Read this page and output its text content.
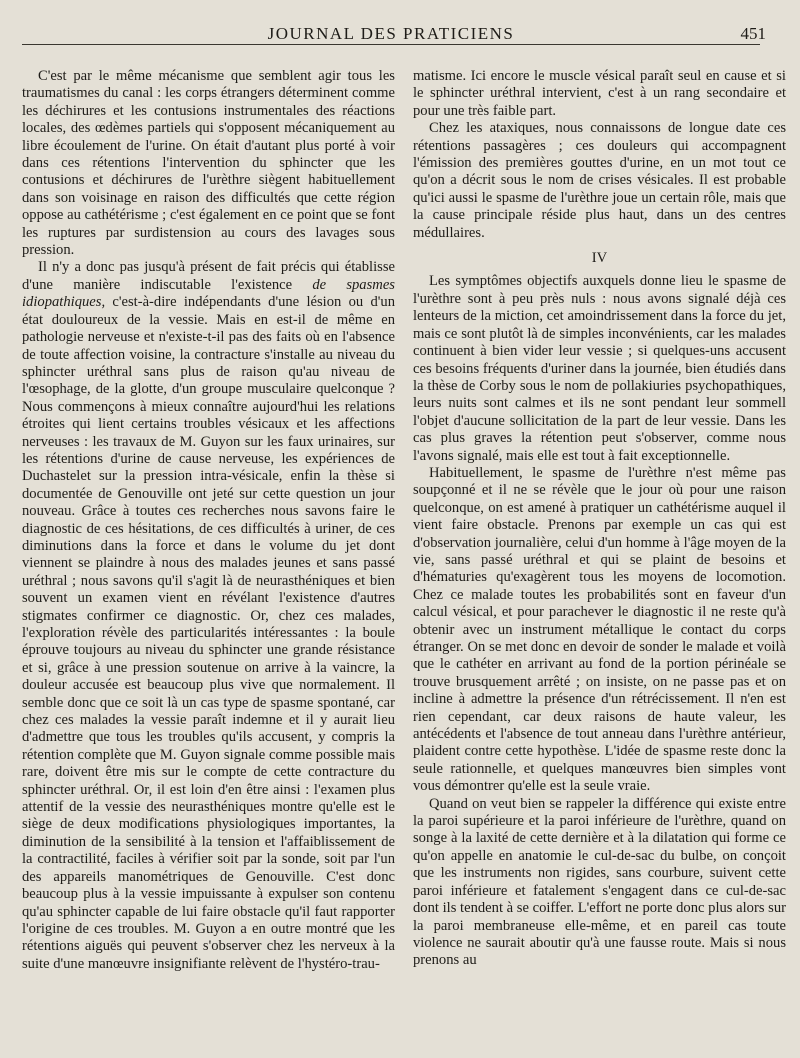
JOURNAL DES PRATICIENS	451

C'est par le même mécanisme que semblent agir tous les traumatismes du canal : les corps étrangers déterminent comme les déchirures et les contusions instrumentales des réactions locales, des œdèmes partiels qui s'opposent mécaniquement au libre écoulement de l'urine. On était d'autant plus porté à voir dans ces rétentions l'intervention du sphincter que les contusions et déchirures de l'urèthre siègent habituellement dans son voisinage en raison des difficultés que cette région oppose au cathétérisme ; c'est également en ce point que se font les ruptures par surdistension au cours des lavages sous pression.

Il n'y a donc pas jusqu'à présent de fait précis qui établisse d'une manière indiscutable l'existence de spasmes idiopathiques, c'est-à-dire indépendants d'une lésion ou d'un état douloureux de la vessie. Mais en est-il de même en pathologie nerveuse et n'existe-t-il pas des faits où en l'absence de toute affection voisine, la contracture s'installe au niveau du sphincter uréthral sans plus de raison qu'au niveau de l'œsophage, de la glotte, d'un groupe musculaire quelconque ? Nous commençons à mieux connaître aujourd'hui les relations étroites qui lient certains troubles vésicaux et les affections nerveuses : les travaux de M. Guyon sur les faux urinaires, sur les rétentions d'urine de cause nerveuse, les expériences de Duchastelet sur la pression intra-vésicale, enfin la thèse si documentée de Genouville ont jeté sur cette question un jour nouveau. Grâce à toutes ces recherches nous savons faire le diagnostic de ces hésitations, de ces difficultés à uriner, de ces diminutions dans la force et dans le volume du jet dont viennent se plaindre à nous des malades jeunes et sans passé uréthral ; nous savons qu'il s'agit là de neurasthéniques et bien souvent un examen vient en révélant l'existence d'autres stigmates confirmer ce diagnostic. Or, chez ces malades, l'exploration révèle des particularités intéressantes : la boule éprouve toujours au niveau du sphincter une grande résistance et si, grâce à une pression soutenue on arrive à la vaincre, la douleur accusée est beaucoup plus vive que normalement. Il semble donc que ce soit là un cas type de spasme spontané, car chez ces malades la vessie paraît indemne et il y aurait lieu d'admettre que tous les troubles qu'ils accusent, y compris la rétention complète que M. Guyon signale comme possible mais rare, doivent être mis sur le compte de cette contracture du sphincter uréthral. Or, il est loin d'en être ainsi : l'examen plus attentif de la vessie des neurasthéniques montre qu'elle est le siège de deux modifications physiologiques importantes, la diminution de la sensibilité à la tension et l'affaiblissement de la contractilité, faciles à vérifier soit par la sonde, soit par l'un des appareils manométriques de Genouville. C'est donc beaucoup plus à la vessie impuissante à expulser son contenu qu'au sphincter capable de lui faire obstacle qu'il faut rapporter l'origine de ces troubles. M. Guyon a en outre montré que les rétentions aiguës qui peuvent s'observer chez les nerveux à la suite d'une manœuvre insignifiante relèvent de l'hystéro-trau-

matisme. Ici encore le muscle vésical paraît seul en cause et si le sphincter uréthral intervient, c'est à un rang secondaire et pour une très faible part.

Chez les ataxiques, nous connaissons de longue date ces rétentions passagères ; ces douleurs qui accompagnent l'émission des premières gouttes d'urine, en un mot tout ce qu'on a décrit sous le nom de crises vésicales. Il est probable qu'ici aussi le spasme de l'urèthre joue un certain rôle, mais que la cause principale réside plus haut, dans un des centres médullaires.

IV

Les symptômes objectifs auxquels donne lieu le spasme de l'urèthre sont à peu près nuls : nous avons signalé déjà ces lenteurs de la miction, cet amoindrissement dans la force du jet, mais ce sont plutôt là de simples inconvénients, car les malades continuent à bien vider leur vessie ; si quelques-uns accusent ces besoins fréquents d'uriner dans la journée, bien étudiés dans la thèse de Corby sous le nom de pollakiuries psychopathiques, leurs nuits sont calmes et ils ne sont pendant leur sommell l'objet d'aucune sollicitation de la part de leur vessie. Dans les cas plus graves la rétention peut s'observer, comme nous l'avons signalé, mais elle est tout à fait exceptionnelle.

Habituellement, le spasme de l'urèthre n'est même pas soupçonné et il ne se révèle que le jour où pour une raison quelconque, on est amené à pratiquer un cathétérisme auquel il vient faire obstacle. Prenons par exemple un cas qui est d'observation journalière, celui d'un homme à l'âge moyen de la vie, sans passé uréthral et qui se plaint de besoins et d'hématuries qu'exagèrent tous les moyens de locomotion. Chez ce malade toutes les probabilités sont en faveur d'un calcul vésical, et pour parachever le diagnostic il ne reste qu'à obtenir avec un instrument métallique le contact du corps étranger. On se met donc en devoir de sonder le malade et voilà que le cathéter en arrivant au fond de la portion périnéale se trouve brusquement arrêté ; on insiste, on ne passe pas et on incline à admettre la présence d'un rétrécissement. Il n'en est rien cependant, car deux raisons de haute valeur, les antécédents et l'absence de tout anneau dans l'urèthre antérieur, plaident contre cette hypothèse. L'idée de spasme reste donc la seule rationnelle, et quelques manœuvres bien simples vont vous démontrer qu'elle est la seule vraie.

Quand on veut bien se rappeler la différence qui existe entre la paroi supérieure et la paroi inférieure de l'urèthre, quand on songe à la laxité de cette dernière et à la dilatation qui forme ce qu'on appelle en anatomie le cul-de-sac du bulbe, on conçoit que les instruments non rigides, sans courbure, suivent cette paroi inférieure et fatalement s'engagent dans ce cul-de-sac dont ils tendent à se coiffer. L'effort ne porte donc plus alors sur la paroi membraneuse elle-même, et en pareil cas toute violence ne saurait aboutir qu'à une fausse route. Mais si nous prenons au
